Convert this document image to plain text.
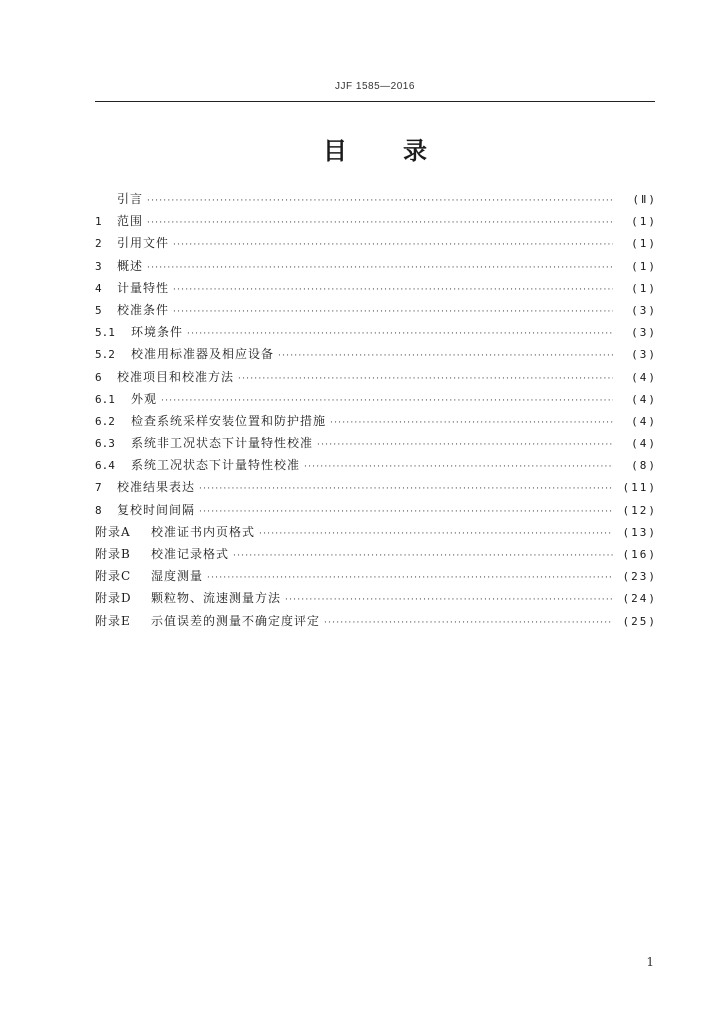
JJF 1585—2016
目录
引言 ·····	(Ⅱ)
1 范围 ·····	(1)
2 引用文件 ·····	(1)
3 概述 ·····	(1)
4 计量特性 ·····	(1)
5 校准条件 ·····	(3)
5.1 环境条件 ·····	(3)
5.2 校准用标准器及相应设备 ·····	(3)
6 校准项目和校准方法 ·····	(4)
6.1 外观 ·····	(4)
6.2 检查系统采样安装位置和防护措施 ·····	(4)
6.3 系统非工况状态下计量特性校准 ·····	(4)
6.4 系统工况状态下计量特性校准 ·····	(8)
7 校准结果表达 ·····	(11)
8 复校时间间隔 ·····	(12)
附录A 校准证书内页格式 ·····	(13)
附录B 校准记录格式 ·····	(16)
附录C 湿度测量 ·····	(23)
附录D 颗粒物、流速测量方法 ·····	(24)
附录E 示值误差的测量不确定度评定 ·····	(25)
1
